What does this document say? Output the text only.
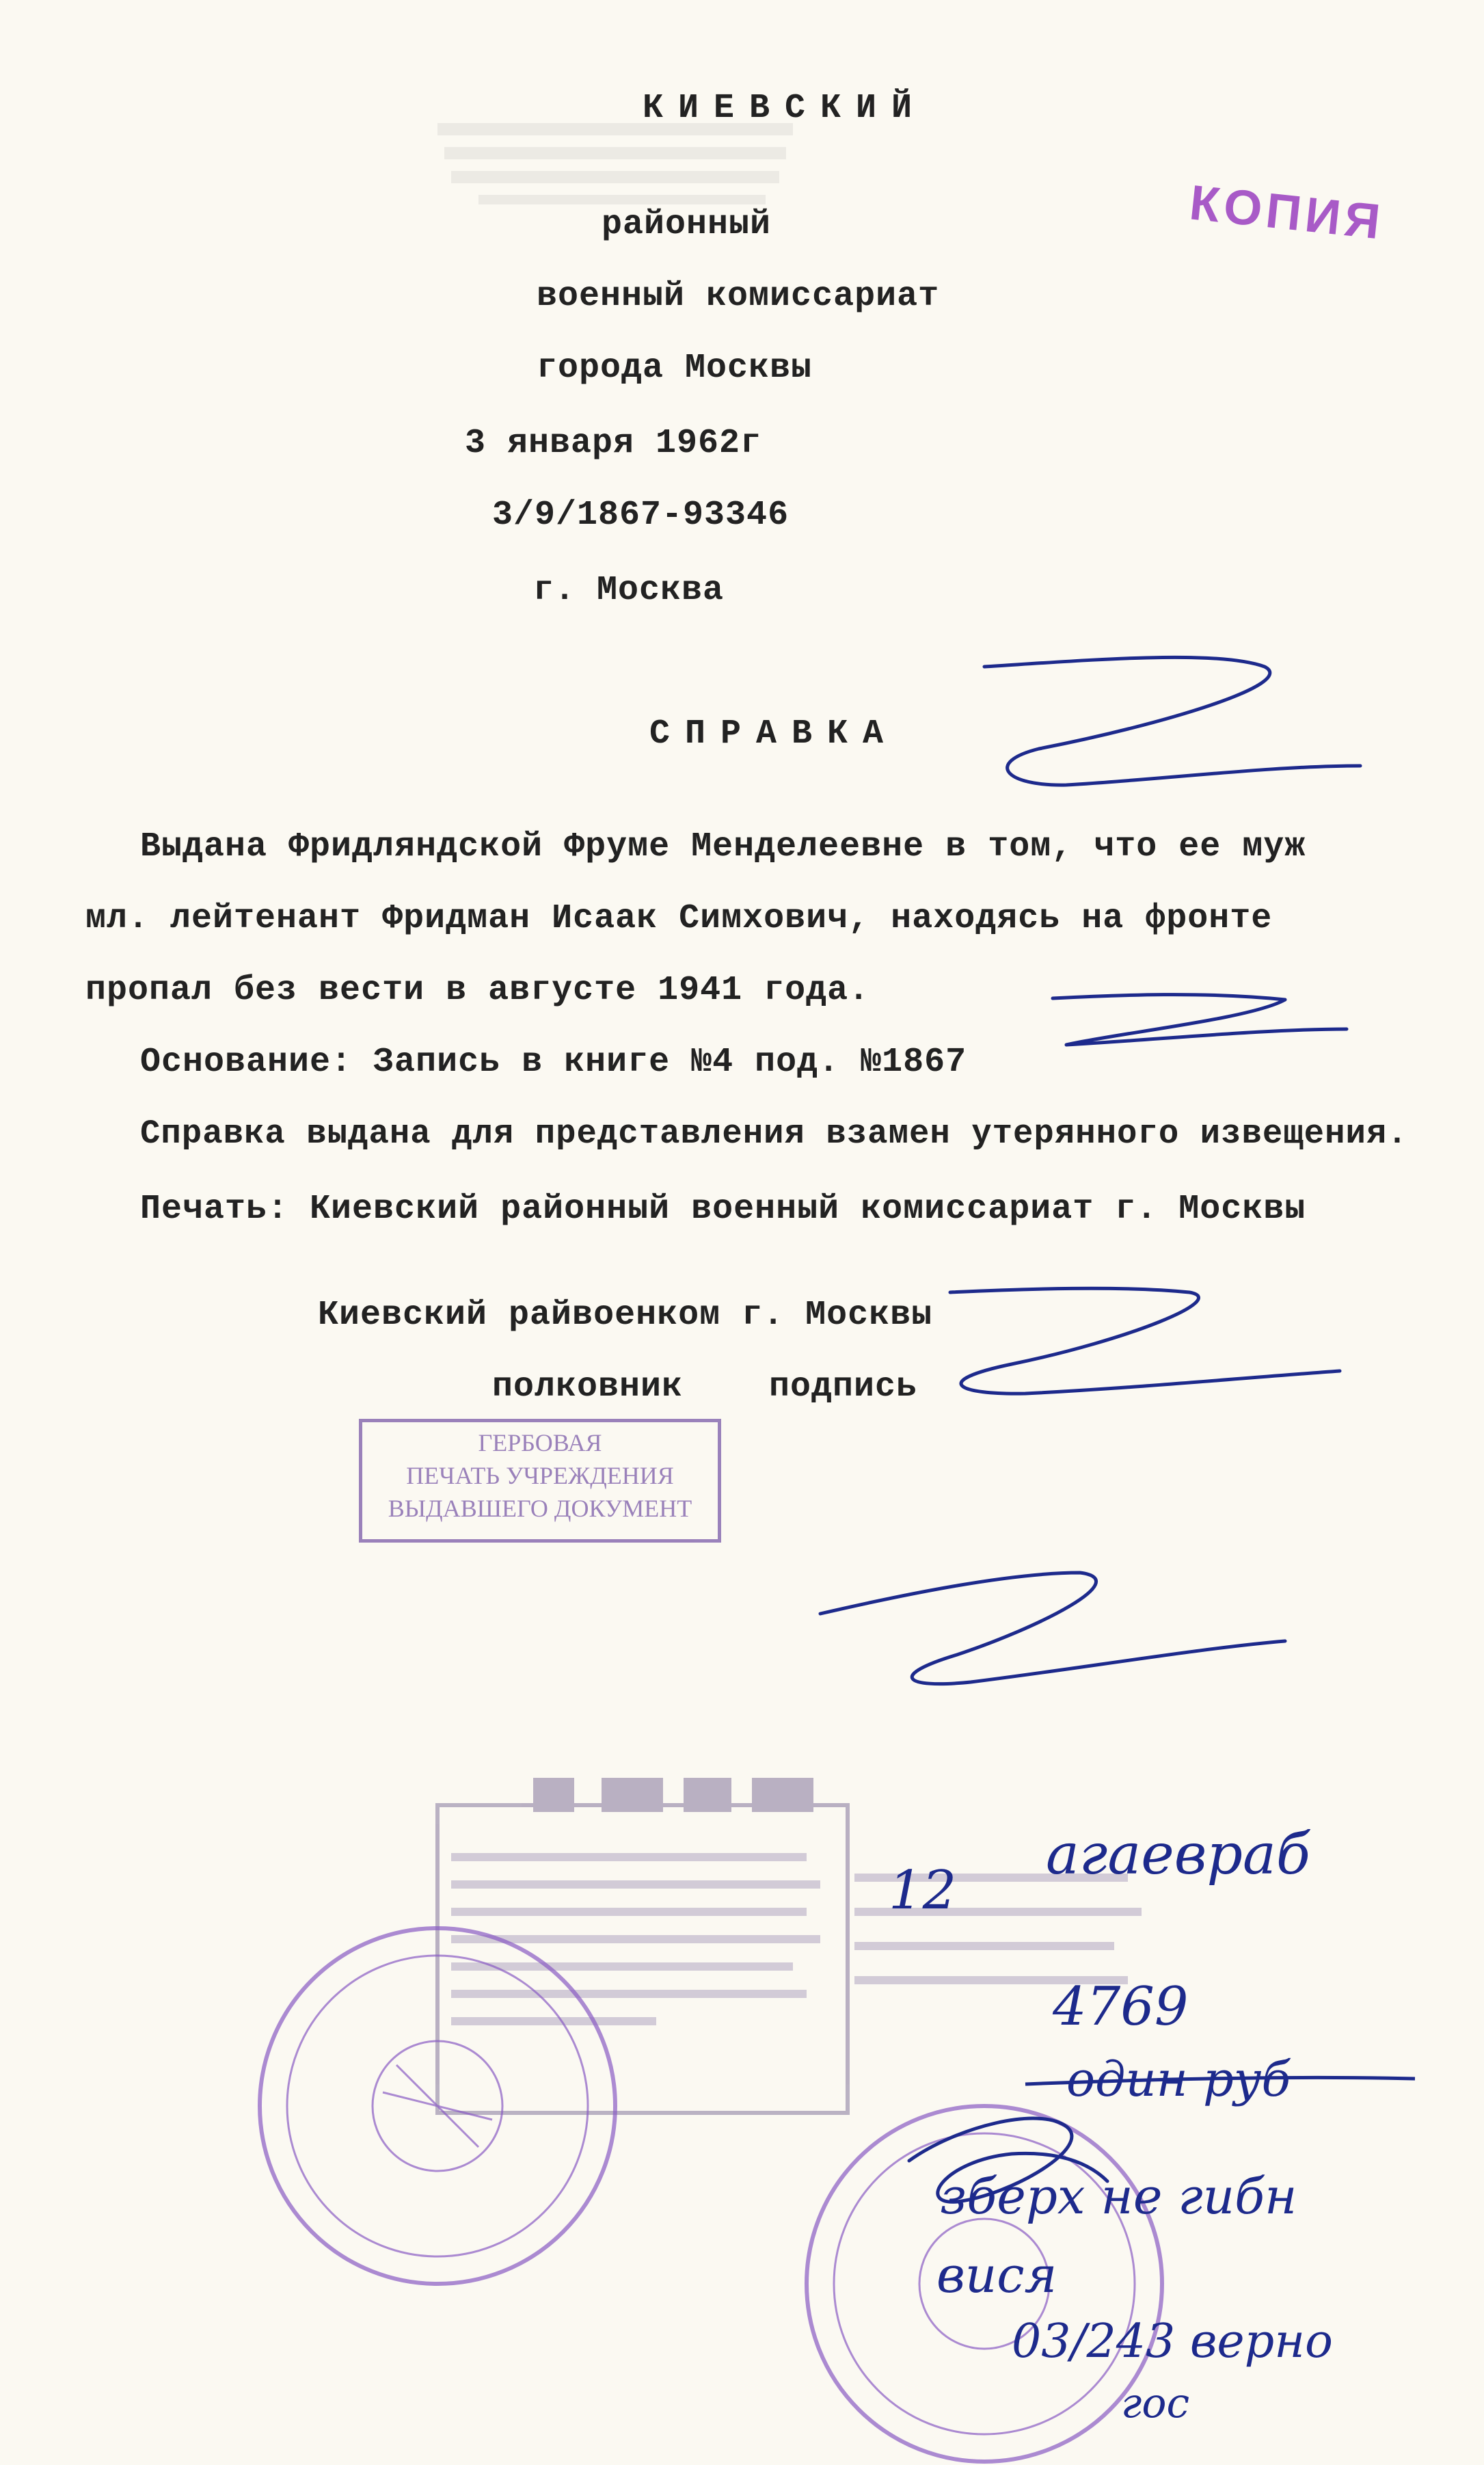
КИЕВСКИЙ
районный
военный комиссариат
города Москвы
3 января 1962г
3/9/1867-93346
г. Москва
КОПИЯ
СПРАВКА
Выдана Фридляндской Фруме Менделеевне в том, что ее муж
мл. лейтенант Фридман Исаак Симхович, находясь на фронте
пропал без вести в августе 1941 года.
Основание: Запись в книге №4 под. №1867
Справка выдана для представления взамен утерянного извещения.
Печать: Киевский районный военный комиссариат г. Москвы
Киевский райвоенком г. Москвы
полковник	подпись
ГЕРБОВАЯ
ПЕЧАТЬ УЧРЕЖДЕНИЯ
ВЫДАВШЕГО ДОКУМЕНТ
12
агаевраб
4769
один руб
зберх не гибн
вися
03/243 верно
гос
